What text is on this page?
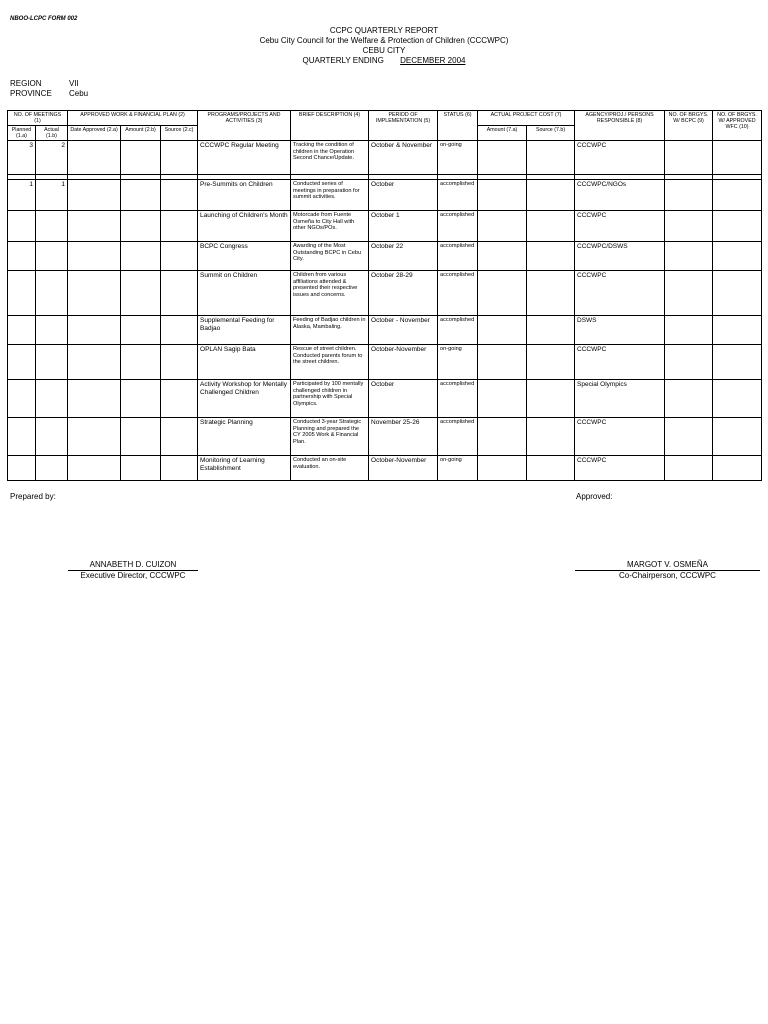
NBOO-LCPC FORM 002
CCPC QUARTERLY REPORT
Cebu City Council for the Welfare & Protection of Children (CCCWPC)
CEBU CITY
QUARTERLY ENDING DECEMBER 2004
REGION	VII
PROVINCE	Cebu
NO. OF MEETINGS (1)		APPROVED WORK & FINANCIAL PLAN (2)			PROGRAMS/PROJECTS AND ACTIVITIES (3)	BRIEF DESCRIPTION (4)	PERIOD OF IMPLEMENTATION (5)	STATUS (6)	ACTUAL PROJECT COST (7)		AGENCY/PROJ./ PERSONS RESPONSIBLE (8)	NO. OF BRGYS. W/ BCPC (9)	NO. OF BRGYS. W/ APPROVED WFC (10)
Planned (1.a)	Actual (1.b)	Date Approved (2.a)	Amount (2.b)	Source (2.c)					Amount (7.a)	Source (7.b)			
3	2				CCCWPC Regular Meeting	Tracking the condition of children in the Operation Second Chance/Update.	October & November	on-going			CCCWPC		

1	1				Pre-Summits on Children	Conducted series of meetings in preparation for summit activities.	October	accomplished			CCCWPC/NGOs		
					Launching of Children's Month	Motorcade from Fuente Osmeña to City Hall with other NGOs/POs.	October 1	accomplished			CCCWPC		
					BCPC Congress	Awarding of the Most Outstanding BCPC in Cebu City.	October 22	accomplished			CCCWPC/DSWS		
					Summit on Children	Children from various affiliations attended & presented their respective issues and concerns.	October 28-29	accomplished			CCCWPC		
					Supplemental Feeding for Badjao	Feeding of Badjao children in Alaska, Mambaling.	October - November	accomplished			DSWS		
					OPLAN Sagip Bata	Rescue of street children. Conducted parents forum to the street children.	October-November	on-going			CCCWPC		
					Activity Workshop for Mentally Challenged Children	Participated by 100 mentally challenged children in partnership with Special Olympics.	October	accomplished			Special Olympics		
					Strategic Planning	Conducted 3-year Strategic Planning and prepared the CY 2005 Work & Financial Plan.	November 25-26	accomplished			CCCWPC		
					Monitoring of Learning Establishment	Conducted an on-site evaluation.	October-November	on-going			CCCWPC		
Prepared by:	Approved:
ANNABETH D. CUIZON
Executive Director, CCCWPC
MARGOT V. OSMEÑA
Co-Chairperson, CCCWPC
